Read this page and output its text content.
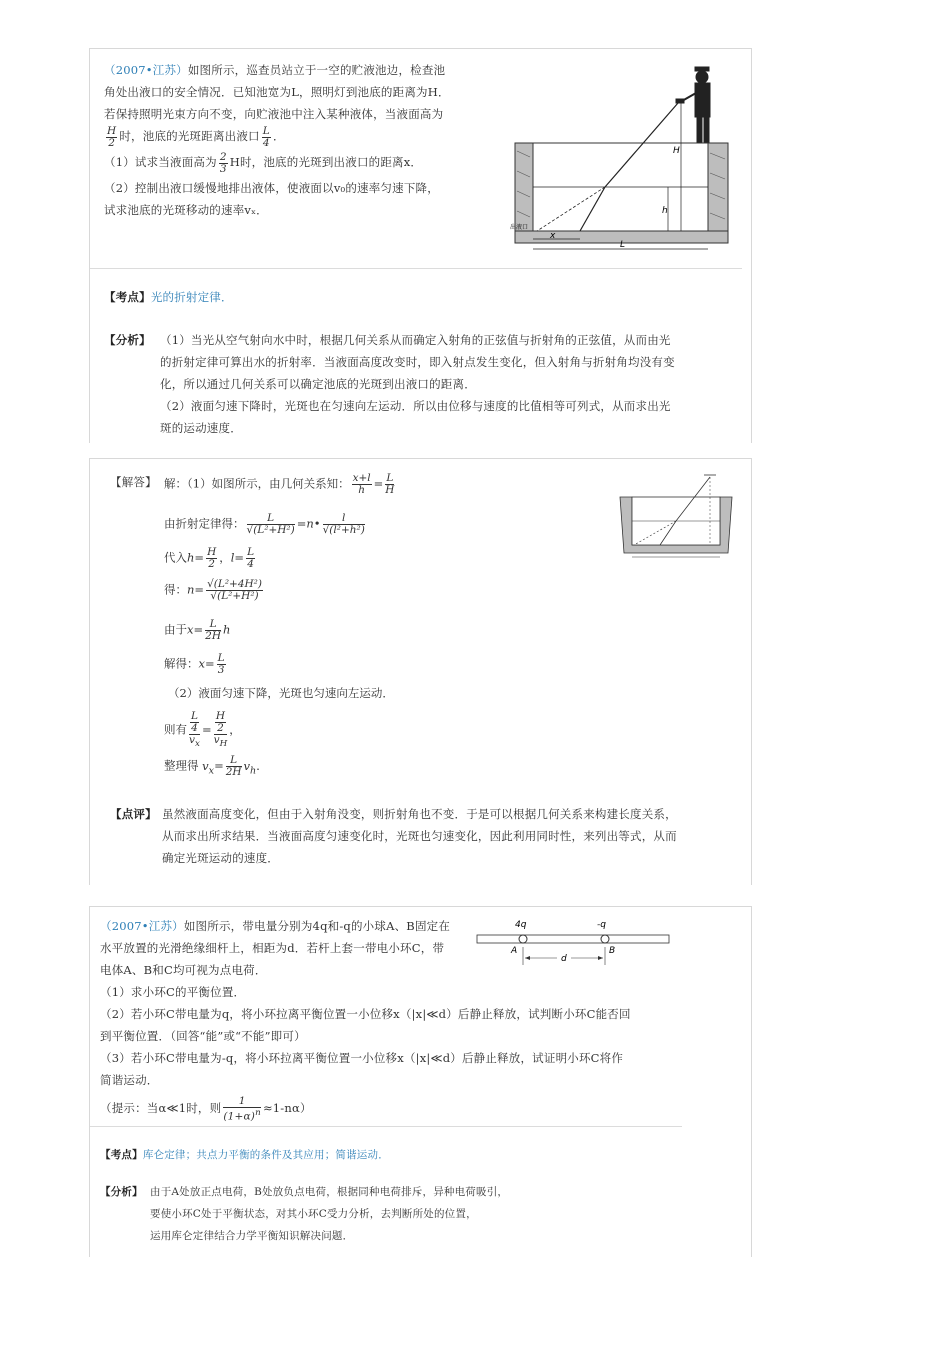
（2007•江苏）如图所示，巡查员站立于一空的贮液池边，检查池
角处出液口的安全情况．已知池宽为L，照明灯到池底的距离为H．
若保持照明光束方向不变，向贮液池中注入某种液体，当液面高为
$\frac{H}{2}$ 时，池底的光斑距离出液口 $\frac{L}{4}$ ．
（1）试求当液面高为 $\frac{2}{3}$ H时，池底的光斑到出液口的距离x．
（2）控制出液口缓慢地排出液体，使液面以v₀的速率匀速下降，
试求池底的光斑移动的速率vₓ．
H
h
x
L
出液口
【考点】光的折射定律．
【分析】 （1）当光从空气射向水中时，根据几何关系从而确定入射角的正弦值与折射角的正弦值，从而由光
的折射定律可算出水的折射率．当液面高度改变时，即入射点发生变化，但入射角与折射角均没有变
化，所以通过几何关系可以确定池底的光斑到出液口的距离．
（2）液面匀速下降时，光斑也在匀速向左运动．所以由位移与速度的比值相等可列式，从而求出光
斑的运动速度．
【解答】 解：（1）如图所示，由几何关系知： $\frac{x+l}{h} = \frac{L}{H}$
由折射定律得： $\frac{L}{\text{√(L²+H²)}}$ =n• $\frac{l}{\text{√(l²+h²)}}$
代入$h= \frac{H}{2}$ ，$l= \frac{L}{4}$
得：$n= \frac{\text{√(L²+4H²)}}{\text{√(L²+H²)}}$
由于$x= \frac{L}{2H}$ h
解得：$x= \frac{L}{3}$
（2）液面匀速下降，光斑也匀速向左运动．
则有 L
4
$v_x = H$
2
$v_H$ ，
整理得 $v_x= \frac{L}{2H} v_h$．
【点评】 虽然液面高度变化，但由于入射角没变，则折射角也不变．于是可以根据几何关系来构建长度关系，
从而求出所求结果．当液面高度匀速变化时，光斑也匀速变化，因此利用同时性，来列出等式，从而
确定光斑运动的速度．
（2007•江苏）如图所示，带电量分别为4q和-q的小球A、B固定在
水平放置的光滑绝缘细杆上，相距为d．若杆上套一带电小环C，带
电体A、B和C均可视为点电荷．
（1）求小环C的平衡位置．
（2）若小环C带电量为q，将小环拉离平衡位置一小位移x（|x|≪d）后静止释放，试判断小环C能否回
到平衡位置．（回答“能”或“不能”即可）
（3）若小环C带电量为-q，将小环拉离平衡位置一小位移x（|x|≪d）后静止释放，试证明小环C将作
简谐运动．
（提示：当α≪1时，则 $\frac{1}{(1+\alpha)^n} \approx 1-n\alpha$）
4q	-q
A	B
d
【考点】库仑定律；共点力平衡的条件及其应用；简谐运动．
【分析】 由于A处放正点电荷，B处放负点电荷，根据同种电荷排斥，异种电荷吸引，
要使小环C处于平衡状态，对其小环C受力分析，去判断所处的位置，
运用库仑定律结合力学平衡知识解决问题．
